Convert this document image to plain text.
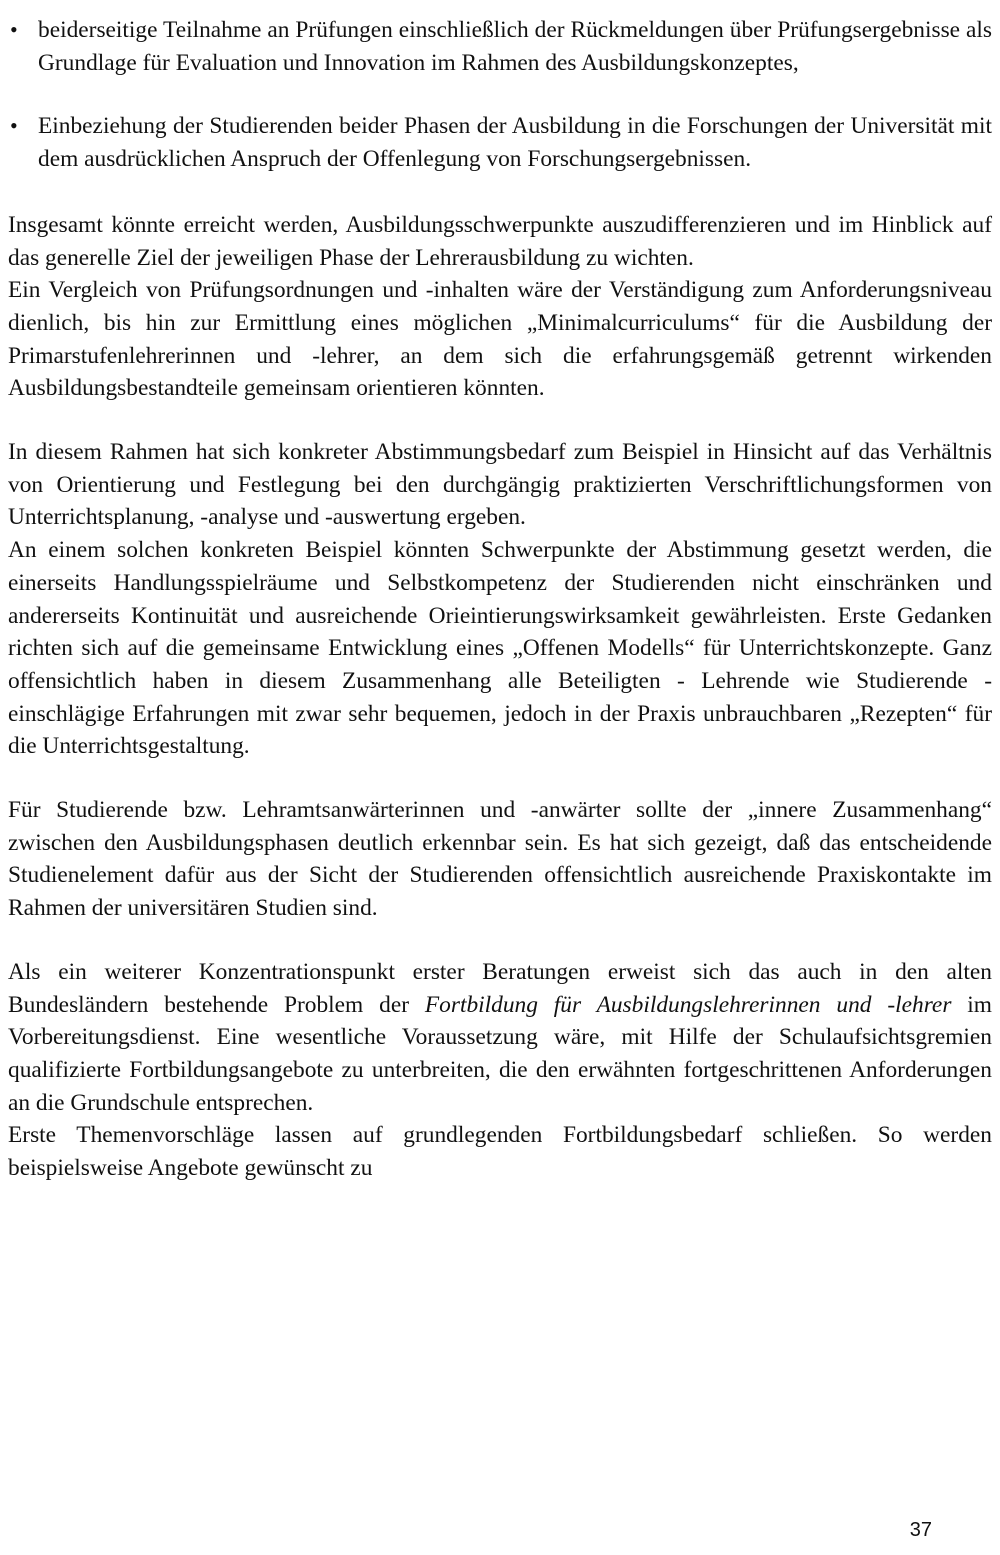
• beiderseitige Teilnahme an Prüfungen einschließlich der Rückmeldungen über Prüfungsergebnisse als Grundlage für Evaluation und Innovation im Rahmen des Ausbildungskonzeptes,
• Einbeziehung der Studierenden beider Phasen der Ausbildung in die Forschungen der Universität mit dem ausdrücklichen Anspruch der Offenlegung von Forschungsergebnissen.

Insgesamt könnte erreicht werden, Ausbildungsschwerpunkte auszudifferenzieren und im Hinblick auf das generelle Ziel der jeweiligen Phase der Lehrerausbildung zu wichten.

Ein Vergleich von Prüfungsordnungen und -inhalten wäre der Verständigung zum Anforderungsniveau dienlich, bis hin zur Ermittlung eines möglichen „Minimalcurriculums“ für die Ausbildung der Primarstufenlehrerinnen und -lehrer, an dem sich die erfahrungsgemäß getrennt wirkenden Ausbildungsbestandteile gemeinsam orientieren könnten.

In diesem Rahmen hat sich konkreter Abstimmungsbedarf zum Beispiel in Hinsicht auf das Verhältnis von Orientierung und Festlegung bei den durchgängig praktizierten Verschriftlichungsformen von Unterrichtsplanung, -analyse und -auswertung ergeben.

An einem solchen konkreten Beispiel könnten Schwerpunkte der Abstimmung gesetzt werden, die einerseits Handlungsspielräume und Selbstkompetenz der Studierenden nicht einschränken und andererseits Kontinuität und ausreichende Orieintierungswirksamkeit gewährleisten. Erste Gedanken richten sich auf die gemeinsame Entwicklung eines „Offenen Modells“ für Unterrichtskonzepte. Ganz offensichtlich haben in diesem Zusammenhang alle Beteiligten - Lehrende wie Studierende - einschlägige Erfahrungen mit zwar sehr bequemen, jedoch in der Praxis unbrauchbaren „Rezepten“ für die Unterrichtsgestaltung.

Für Studierende bzw. Lehramtsanwärterinnen und -anwärter sollte der „innere Zusammenhang“ zwischen den Ausbildungsphasen deutlich erkennbar sein. Es hat sich gezeigt, daß das entscheidende Studienelement dafür aus der Sicht der Studierenden offensichtlich ausreichende Praxiskontakte im Rahmen der universitären Studien sind.

Als ein weiterer Konzentrationspunkt erster Beratungen erweist sich das auch in den alten Bundesländern bestehende Problem der Fortbildung für Ausbildungslehrerinnen und -lehrer im Vorbereitungsdienst. Eine wesentliche Voraussetzung wäre, mit Hilfe der Schulaufsichtsgremien qualifizierte Fortbildungsangebote zu unterbreiten, die den erwähnten fortgeschrittenen Anforderungen an die Grundschule entsprechen.

Erste Themenvorschläge lassen auf grundlegenden Fortbildungsbedarf schließen. So werden beispielsweise Angebote gewünscht zu

37
